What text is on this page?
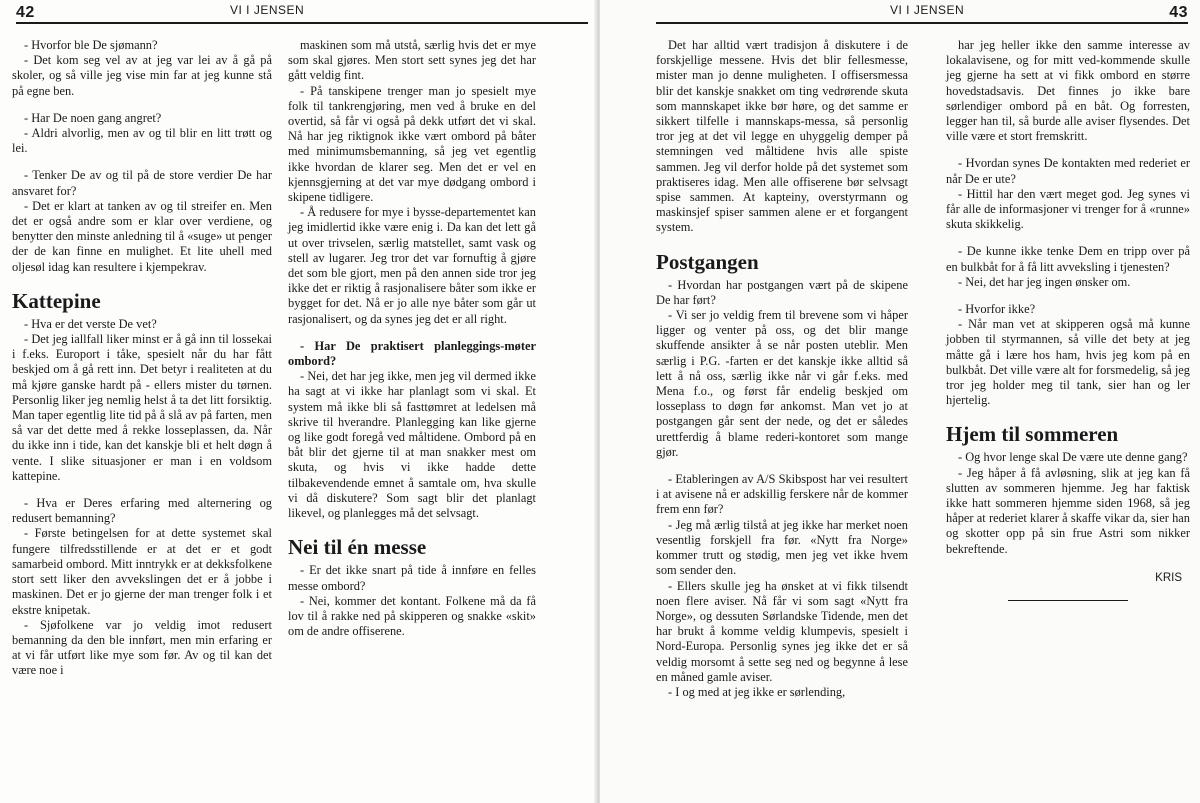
42	VI I JENSEN

- Hvorfor ble De sjømann?

- Det kom seg vel av at jeg var lei av å gå på skoler, og så ville jeg vise min far at jeg kunne stå på egne ben.

- Har De noen gang angret?

- Aldri alvorlig, men av og til blir en litt trøtt og lei.

- Tenker De av og til på de store verdier De har ansvaret for?

- Det er klart at tanken av og til streifer en. Men det er også andre som er klar over verdiene, og benytter den minste anledning til å «suge» ut penger der de kan finne en mulighet. Et lite uhell med oljesøl idag kan resultere i kjempekrav.

Kattepine

- Hva er det verste De vet?

- Det jeg iallfall liker minst er å gå inn til lossekai i f.eks. Europort i tåke, spesielt når du har fått beskjed om å gå rett inn. Det betyr i realiteten at du må kjøre ganske hardt på - ellers mister du tørnen. Personlig liker jeg nemlig helst å ta det litt forsiktig. Man taper egentlig lite tid på å slå av på farten, men så var det dette med å rekke losseplassen, da. Når du ikke inn i tide, kan det kanskje bli et helt døgn å vente. I slike situasjoner er man i en voldsom kattepine.

- Hva er Deres erfaring med alternering og redusert bemanning?

- Første betingelsen for at dette systemet skal fungere tilfredsstillende er at det er et godt samarbeid ombord. Mitt inntrykk er at dekksfolkene stort sett liker den avvekslingen det er å jobbe i maskinen. Det er jo gjerne der man trenger folk i et ekstre knipetak.

- Sjøfolkene var jo veldig imot redusert bemanning da den ble innført, men min erfaring er at vi får utført like mye som før. Av og til kan det være noe i

maskinen som må utstå, særlig hvis det er mye som skal gjøres. Men stort sett synes jeg det har gått veldig fint.

- På tanskipene trenger man jo spesielt mye folk til tankrengjøring, men ved å bruke en del overtid, så får vi også på dekk utført det vi skal. Nå har jeg riktignok ikke vært ombord på båter med minimumsbemanning, så jeg vet egentlig ikke hvordan de klarer seg. Men det er vel en kjennsgjerning at det var mye dødgang ombord i skipene tidligere.

- Å redusere for mye i bysse-departementet kan jeg imidlertid ikke være enig i. Da kan det lett gå ut over trivselen, særlig matstellet, samt vask og stell av lugarer. Jeg tror det var fornuftig å gjøre det som ble gjort, men på den annen side tror jeg ikke det er riktig å rasjonalisere båter som ikke er bygget for det. Nå er jo alle nye båter som går ut rasjonalisert, og da synes jeg det er all right.

- Har De praktisert planleggings-møter ombord?

- Nei, det har jeg ikke, men jeg vil dermed ikke ha sagt at vi ikke har planlagt som vi skal. Et system må ikke bli så fasttømret at ledelsen må skrive til hverandre. Planlegging kan like gjerne og like godt foregå ved måltidene. Ombord på en båt blir det gjerne til at man snakker mest om skuta, og hvis vi ikke hadde dette tilbakevendende emnet å samtale om, hva skulle vi då diskutere? Som sagt blir det planlagt likevel, og planlegges må det selvsagt.

Nei til én messe

- Er det ikke snart på tide å innføre en felles messe ombord?

- Nei, kommer det kontant. Folkene må da få lov til å rakke ned på skipperen og snakke «skit» om de andre offiserene.

VI I JENSEN	43

Det har alltid vært tradisjon å diskutere i de forskjellige messene. Hvis det blir fellesmesse, mister man jo denne muligheten. I offisersmessa blir det kanskje snakket om ting vedrørende skuta som mannskapet ikke bør høre, og det samme er sikkert tilfelle i mannskaps-messa, så personlig tror jeg at det vil legge en uhyggelig demper på stemningen ved måltidene hvis alle spiste sammen. Jeg vil derfor holde på det systemet som praktiseres idag. Men alle offiserene bør selvsagt spise sammen. At kapteiny, overstyrmann og maskinsjef spiser sammen alene er et forgangent system.

Postgangen

- Hvordan har postgangen vært på de skipene De har ført?

- Vi ser jo veldig frem til brevene som vi håper ligger og venter på oss, og det blir mange skuffende ansikter å se når posten uteblir. Men særlig i P.G. -farten er det kanskje ikke alltid så lett å nå oss, særlig ikke når vi går f.eks. med Mena f.o., og først får endelig beskjed om losseplass to døgn før ankomst. Man vet jo at postgangen går sent der nede, og det er således urettferdig å blame rederi-kontoret som mange gjør.

- Etableringen av A/S Skibspost har vei resultert i at avisene nå er adskillig ferskere når de kommer frem enn før?

- Jeg må ærlig tilstå at jeg ikke har merket noen vesentlig forskjell fra før. «Nytt fra Norge» kommer trutt og stødig, men jeg vet ikke hvem som sender den.

- Ellers skulle jeg ha ønsket at vi fikk tilsendt noen flere aviser. Nå får vi som sagt «Nytt fra Norge», og dessuten Sørlandske Tidende, men det har brukt å komme veldig klumpevis, spesielt i Nord-Europa. Personlig synes jeg ikke det er så veldig morsomt å sette seg ned og begynne å lese en måned gamle aviser.

- I og med at jeg ikke er sørlending,

har jeg heller ikke den samme interesse av lokalavisene, og for mitt ved-kommende skulle jeg gjerne ha sett at vi fikk ombord en større hovedstadsavis. Det finnes jo ikke bare sørlendiger ombord på en båt. Og forresten, legger han til, så burde alle aviser flysendes. Det ville være et stort fremskritt.

- Hvordan synes De kontakten med rederiet er når De er ute?

- Hittil har den vært meget god. Jeg synes vi får alle de informasjoner vi trenger for å «runne» skuta skikkelig.

- De kunne ikke tenke Dem en tripp over på en bulkbåt for å få litt avveksling i tjenesten?

- Nei, det har jeg ingen ønsker om.

- Hvorfor ikke?

- Når man vet at skipperen også må kunne jobben til styrmannen, så ville det bety at jeg måtte gå i lære hos ham, hvis jeg kom på en bulkbåt. Det ville være alt for forsmedelig, så jeg tror jeg holder meg til tank, sier han og ler hjertelig.

Hjem til sommeren

- Og hvor lenge skal De være ute denne gang?

- Jeg håper å få avløsning, slik at jeg kan få slutten av sommeren hjemme. Jeg har faktisk ikke hatt sommeren hjemme siden 1968, så jeg håper at rederiet klarer å skaffe vikar da, sier han og skotter opp på sin frue Astri som nikker bekreftende.

KRIS
